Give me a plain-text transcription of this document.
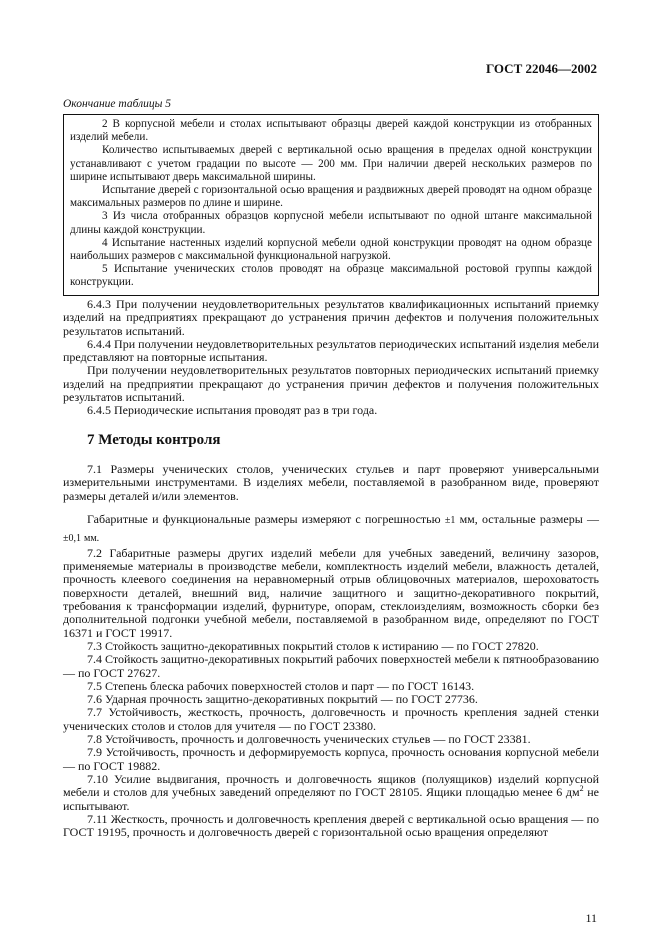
ГОСТ 22046—2002
Окончание таблицы 5

2 В корпусной мебели и столах испытывают образцы дверей каждой конструкции из отобранных изделий мебели.

Количество испытываемых дверей с вертикальной осью вращения в пределах одной конструкции устанавливают с учетом градации по высоте — 200 мм. При наличии дверей нескольких размеров по ширине испытывают дверь максимальной ширины.

Испытание дверей с горизонтальной осью вращения и раздвижных дверей проводят на одном образце максимальных размеров по длине и ширине.

3 Из числа отобранных образцов корпусной мебели испытывают по одной штанге максимальной длины каждой конструкции.

4 Испытание настенных изделий корпусной мебели одной конструкции проводят на одном образце наибольших размеров с максимальной функциональной нагрузкой.

5 Испытание ученических столов проводят на образце максимальной ростовой группы каждой конструкции.

6.4.3 При получении неудовлетворительных результатов квалификационных испытаний приемку изделий на предприятиях прекращают до устранения причин дефектов и получения положительных результатов испытаний.

6.4.4 При получении неудовлетворительных результатов периодических испытаний изделия мебели представляют на повторные испытания.

При получении неудовлетворительных результатов повторных периодических испытаний приемку изделий на предприятии прекращают до устранения причин дефектов и получения положительных результатов испытаний.

6.4.5 Периодические испытания проводят раз в три года.

7 Методы контроля

7.1 Размеры ученических столов, ученических стульев и парт проверяют универсальными измерительными инструментами. В изделиях мебели, поставляемой в разобранном виде, проверяют размеры деталей и/или элементов.

Габаритные и функциональные размеры измеряют с погрешностью ±1 мм, остальные размеры — ±0,1 мм.

7.2 Габаритные размеры других изделий мебели для учебных заведений, величину зазоров, применяемые материалы в производстве мебели, комплектность изделий мебели, влажность деталей, прочность клеевого соединения на неравномерный отрыв облицовочных материалов, шероховатость поверхности деталей, внешний вид, наличие защитного и защитно-декоративного покрытий, требования к трансформации изделий, фурнитуре, опорам, стеклоизделиям, возможность сборки без дополнительной подгонки учебной мебели, поставляемой в разобранном виде, определяют по ГОСТ 16371 и ГОСТ 19917.

7.3 Стойкость защитно-декоративных покрытий столов к истиранию — по ГОСТ 27820.

7.4 Стойкость защитно-декоративных покрытий рабочих поверхностей мебели к пятнообразованию — по ГОСТ 27627.

7.5 Степень блеска рабочих поверхностей столов и парт — по ГОСТ 16143.

7.6 Ударная прочность защитно-декоративных покрытий — по ГОСТ 27736.

7.7 Устойчивость, жесткость, прочность, долговечность и прочность крепления задней стенки ученических столов и столов для учителя — по ГОСТ 23380.

7.8 Устойчивость, прочность и долговечность ученических стульев — по ГОСТ 23381.

7.9 Устойчивость, прочность и деформируемость корпуса, прочность основания корпусной мебели — по ГОСТ 19882.

7.10 Усилие выдвигания, прочность и долговечность ящиков (полуящиков) изделий корпусной мебели и столов для учебных заведений определяют по ГОСТ 28105. Ящики площадью менее 6 $дм^2$ не испытывают.

7.11 Жесткость, прочность и долговечность крепления дверей с вертикальной осью вращения — по ГОСТ 19195, прочность и долговечность дверей с горизонтальной осью вращения определяют

11
